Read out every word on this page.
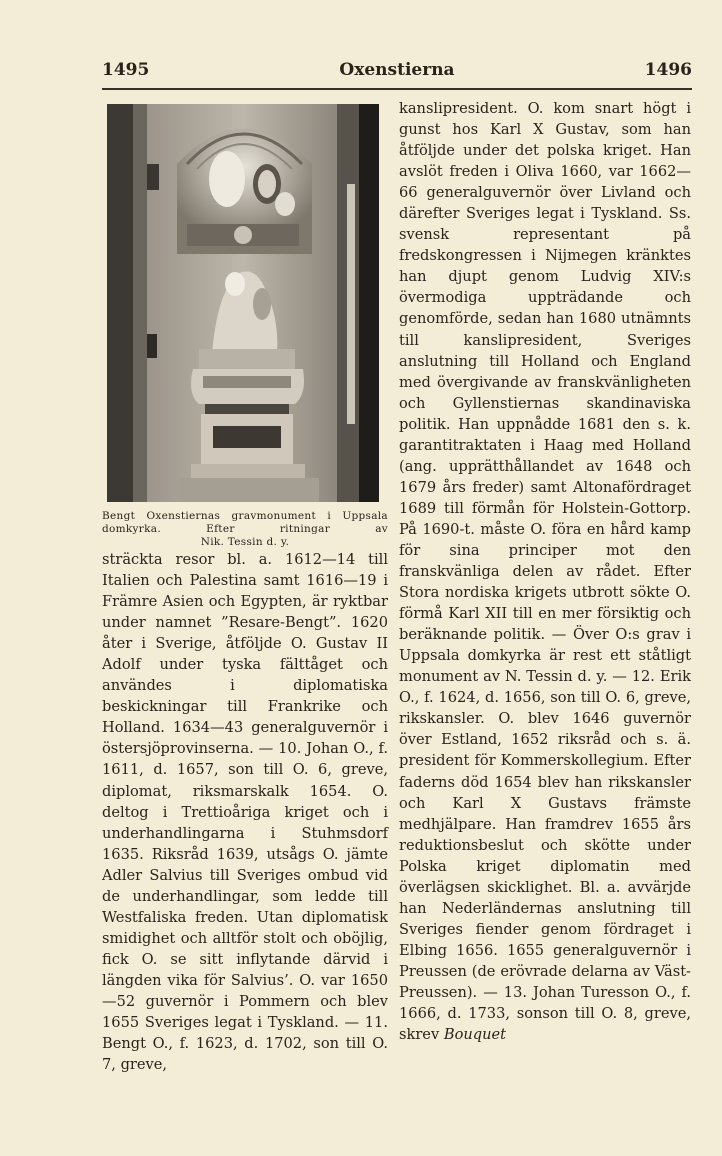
1495	Oxenstierna	1496
Bengt Oxenstiernas gravmonument i Uppsala domkyrka. Efter ritningar av
Nik. Tessin d. y.

sträckta resor bl. a. 1612—14 till Italien och Palestina samt 1616—19 i Främre Asien och Egypten, är ryktbar under namnet ”Resare-Bengt”. 1620 åter i Sverige, åtföljde O. Gustav II Adolf under tyska fälttåget och användes i diplomatiska beskickningar till Frankrike och Holland. 1634—43 generalguvernör i östersjöprovinserna. — 10. Johan O., f. 1611, d. 1657, son till O. 6, greve, diplomat, riksmarskalk 1654. O. deltog i Trettioåriga kriget och i underhandlingarna i Stuhmsdorf 1635. Riksråd 1639, utsågs O. jämte Adler Salvius till Sveriges ombud vid de underhandlingar, som ledde till Westfaliska freden. Utan diplomatisk smidighet och alltför stolt och oböjlig, fick O. se sitt inflytande därvid i längden vika för Salvius’. O. var 1650—52 guvernör i Pommern och blev 1655 Sveriges legat i Tyskland. — 11. Bengt O., f. 1623, d. 1702, son till O. 7, greve,

kanslipresident. O. kom snart högt i gunst hos Karl X Gustav, som han åtföljde under det polska kriget. Han avslöt freden i Oliva 1660, var 1662—66 generalguvernör över Livland och därefter Sveriges legat i Tyskland. Ss. svensk representant på fredskongressen i Nijmegen kränktes han djupt genom Ludvig XIV:s övermodiga uppträdande och genomförde, sedan han 1680 utnämnts till kanslipresident, Sveriges anslutning till Holland och England med övergivande av franskvänligheten och Gyllenstiernas skandinaviska politik. Han uppnådde 1681 den s. k. garantitraktaten i Haag med Holland (ang. upprätthållandet av 1648 och 1679 års freder) samt Altonafördraget 1689 till förmån för Holstein-Gottorp. På 1690-t. måste O. föra en hård kamp för sina principer mot den franskvänliga delen av rådet. Efter Stora nordiska krigets utbrott sökte O. förmå Karl XII till en mer försiktig och beräknande politik. — Över O:s grav i Uppsala domkyrka är rest ett ståtligt monument av N. Tessin d. y. — 12. Erik O., f. 1624, d. 1656, son till O. 6, greve, rikskansler. O. blev 1646 guvernör över Estland, 1652 riksråd och s. ä. president för Kommerskollegium. Efter faderns död 1654 blev han rikskansler och Karl X Gustavs främste medhjälpare. Han framdrev 1655 års reduktionsbeslut och skötte under Polska kriget diplomatin med överlägsen skicklighet. Bl. a. avvärjde han Nederländernas anslutning till Sveriges fiender genom fördraget i Elbing 1656. 1655 generalguvernör i Preussen (de erövrade delarna av Väst-Preussen). — 13. Johan Turesson O., f. 1666, d. 1733, sonson till O. 8, greve, skrev Bouquet
